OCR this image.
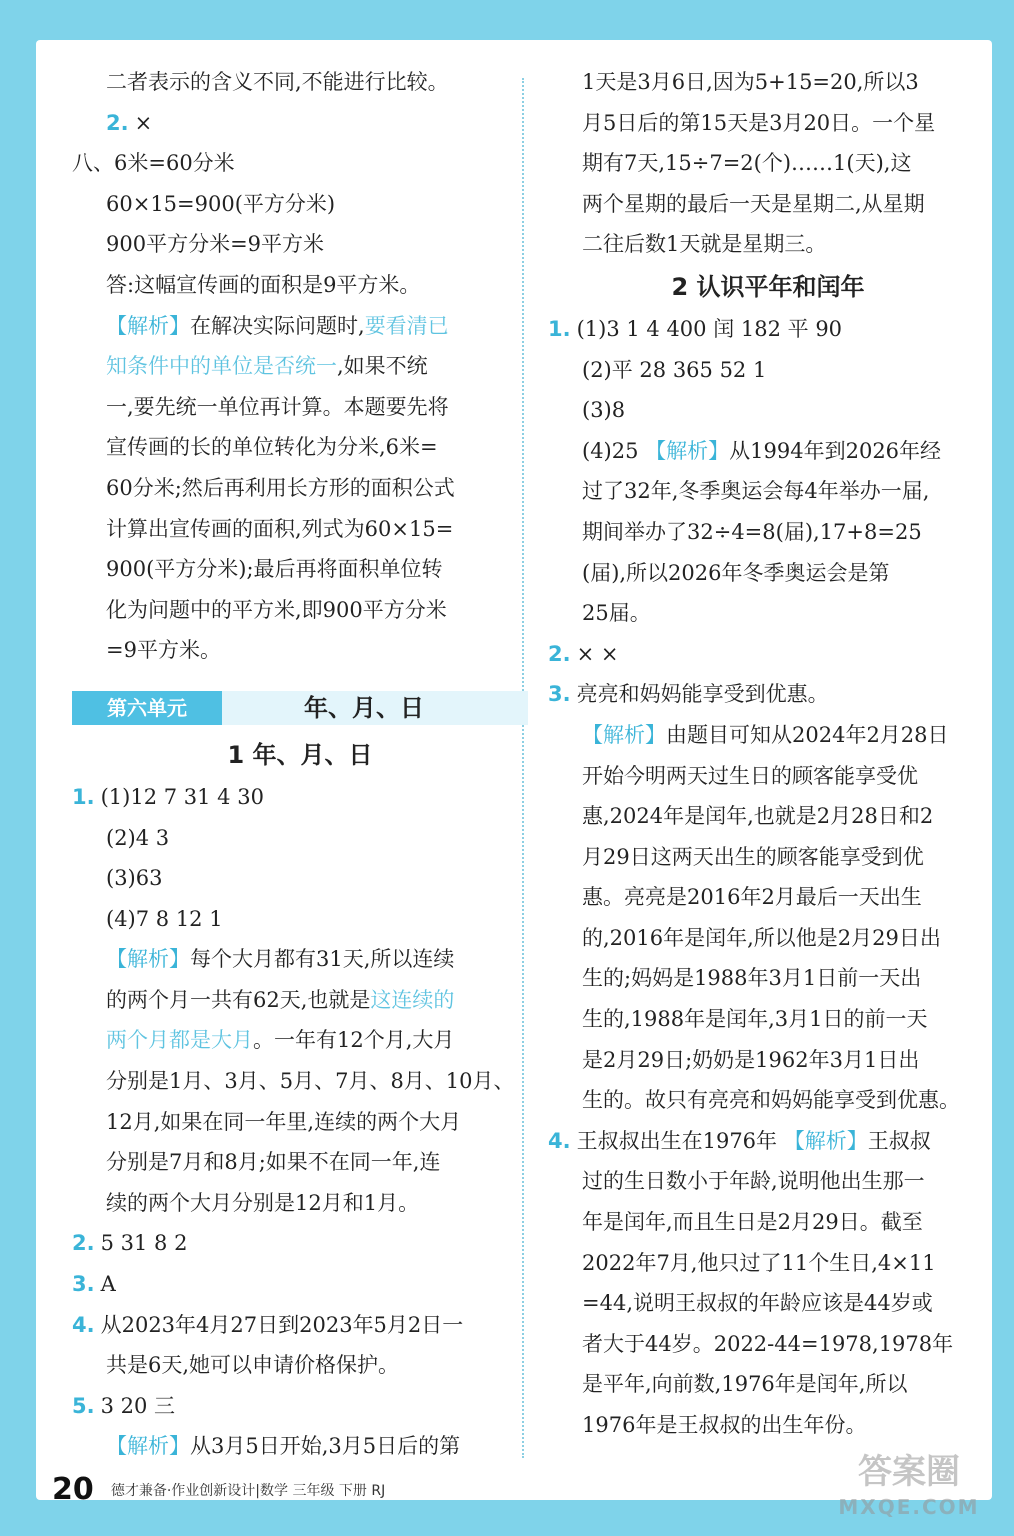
二者表示的含义不同,不能进行比较。
2. ×
八、6米=60分米
60×15=900(平方分米)
900平方分米=9平方米
答:这幅宣传画的面积是9平方米。
【解析】在解决实际问题时,要看清已
知条件中的单位是否统一,如果不统
一,要先统一单位再计算。本题要先将
宣传画的长的单位转化为分米,6米=
60分米;然后再利用长方形的面积公式
计算出宣传画的面积,列式为60×15=
900(平方分米);最后再将面积单位转
化为问题中的平方米,即900平方分米
=9平方米。
第六单元	年、月、日
1 年、月、日
1. (1)12 7 31 4 30
(2)4 3
(3)63
(4)7 8 12 1
【解析】每个大月都有31天,所以连续
的两个月一共有62天,也就是这连续的
两个月都是大月。一年有12个月,大月
分别是1月、3月、5月、7月、8月、10月、
12月,如果在同一年里,连续的两个大月
分别是7月和8月;如果不在同一年,连
续的两个大月分别是12月和1月。
2. 5 31 8 2
3. A
4. 从2023年4月27日到2023年5月2日一
共是6天,她可以申请价格保护。
5. 3 20 三
【解析】从3月5日开始,3月5日后的第
1天是3月6日,因为5+15=20,所以3
月5日后的第15天是3月20日。一个星
期有7天,15÷7=2(个)……1(天),这
两个星期的最后一天是星期二,从星期
二往后数1天就是星期三。
2 认识平年和闰年
1. (1)3 1 4 400 闰 182 平 90
(2)平 28 365 52 1
(3)8
(4)25 【解析】从1994年到2026年经
过了32年,冬季奥运会每4年举办一届,
期间举办了32÷4=8(届),17+8=25
(届),所以2026年冬季奥运会是第
25届。
2. × ×
3. 亮亮和妈妈能享受到优惠。
【解析】由题目可知从2024年2月28日
开始今明两天过生日的顾客能享受优
惠,2024年是闰年,也就是2月28日和2
月29日这两天出生的顾客能享受到优
惠。亮亮是2016年2月最后一天出生
的,2016年是闰年,所以他是2月29日出
生的;妈妈是1988年3月1日前一天出
生的,1988年是闰年,3月1日的前一天
是2月29日;奶奶是1962年3月1日出
生的。故只有亮亮和妈妈能享受到优惠。
4. 王叔叔出生在1976年 【解析】王叔叔
过的生日数小于年龄,说明他出生那一
年是闰年,而且生日是2月29日。截至
2022年7月,他只过了11个生日,4×11
=44,说明王叔叔的年龄应该是44岁或
者大于44岁。2022-44=1978,1978年
是平年,向前数,1976年是闰年,所以
1976年是王叔叔的出生年份。
20 德才兼备·作业创新设计|数学 三年级 下册 RJ	答案圈
MXQE.COM
